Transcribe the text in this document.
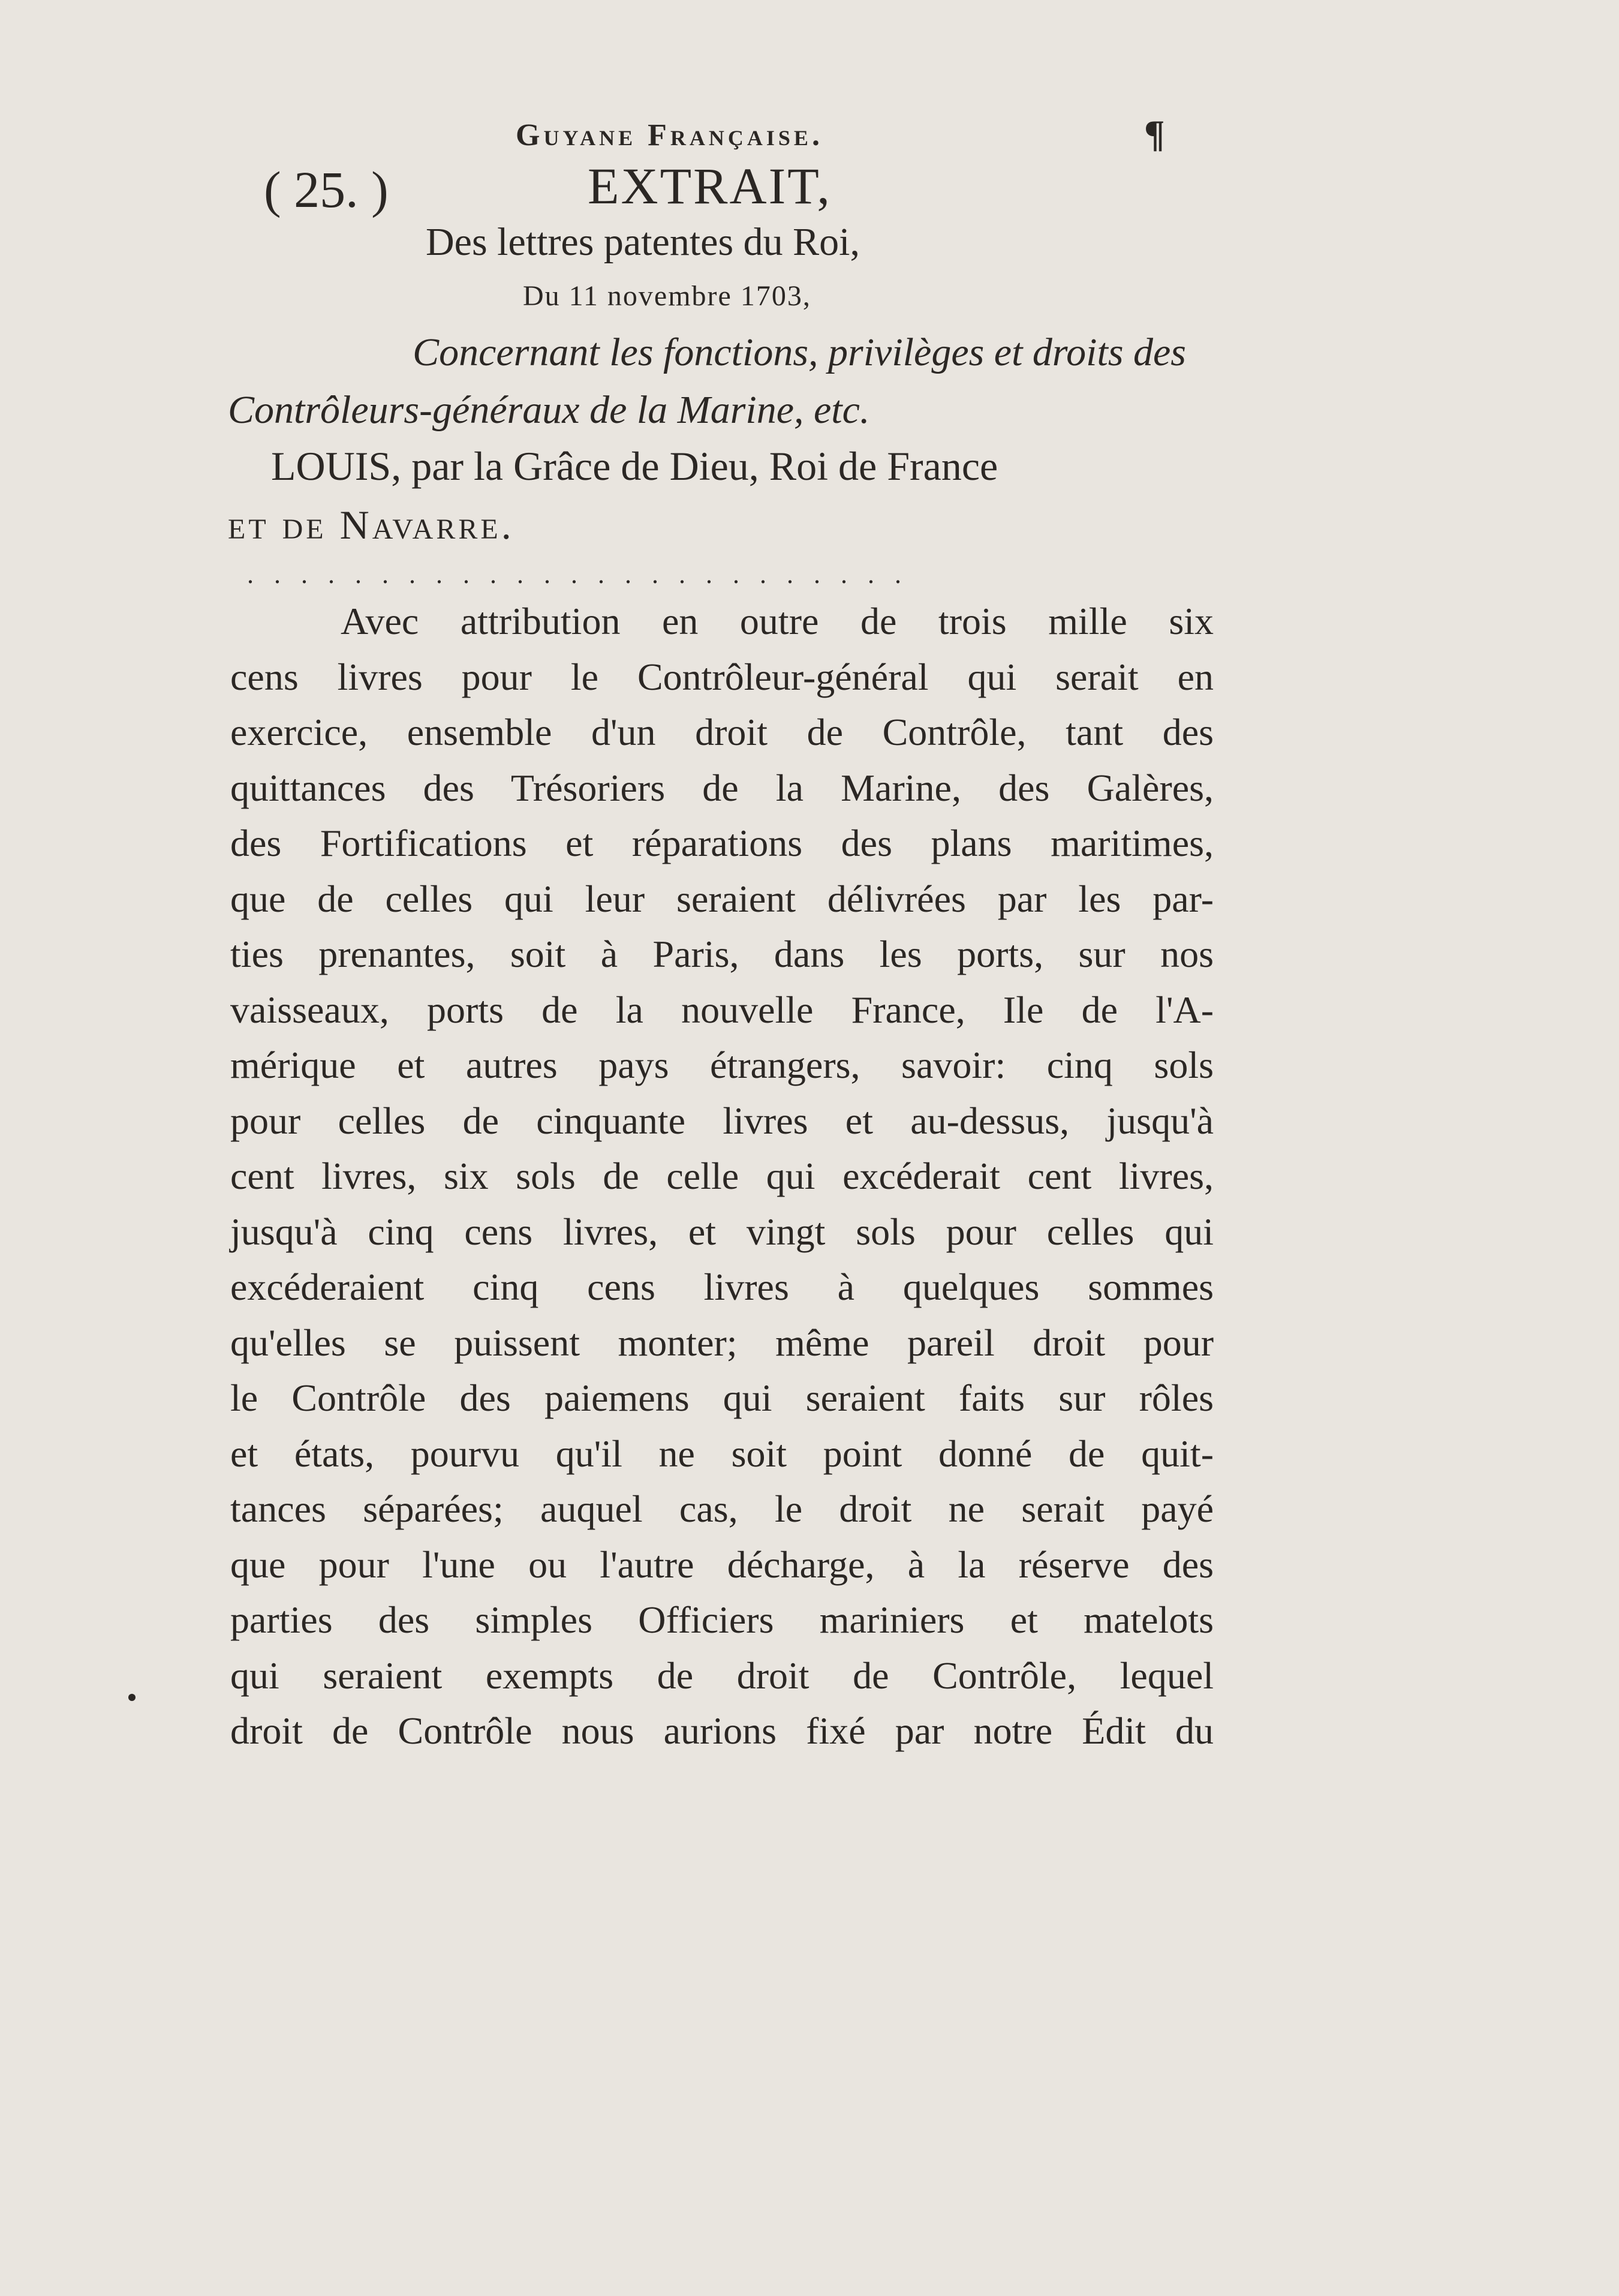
Guyane Française.	¶
( 25. )	EXTRAIT,
Des lettres patentes du Roi,
Du 11 novembre 1703,
Concernant les fonctions, privilèges et droits des
Contrôleurs-généraux de la Marine, etc.
LOUIS, par la Grâce de Dieu, Roi de France
et de Navarre.
.........................
Avec attribution en outre de trois mille six
cens livres pour le Contrôleur-général qui serait en
exercice, ensemble d'un droit de Contrôle, tant des
quittances des Trésoriers de la Marine, des Galères,
des Fortifications et réparations des plans maritimes,
que de celles qui leur seraient délivrées par les par-
ties prenantes, soit à Paris, dans les ports, sur nos
vaisseaux, ports de la nouvelle France, Ile de l'A-
mérique et autres pays étrangers, savoir: cinq sols
pour celles de cinquante livres et au-dessus, jusqu'à
cent livres, six sols de celle qui excéderait cent livres,
jusqu'à cinq cens livres, et vingt sols pour celles qui
excéderaient cinq cens livres à quelques sommes
qu'elles se puissent monter; même pareil droit pour
le Contrôle des paiemens qui seraient faits sur rôles
et états, pourvu qu'il ne soit point donné de quit-
tances séparées; auquel cas, le droit ne serait payé
que pour l'une ou l'autre décharge, à la réserve des
parties des simples Officiers mariniers et matelots
qui seraient exempts de droit de Contrôle, lequel
droit de Contrôle nous aurions fixé par notre Édit du
